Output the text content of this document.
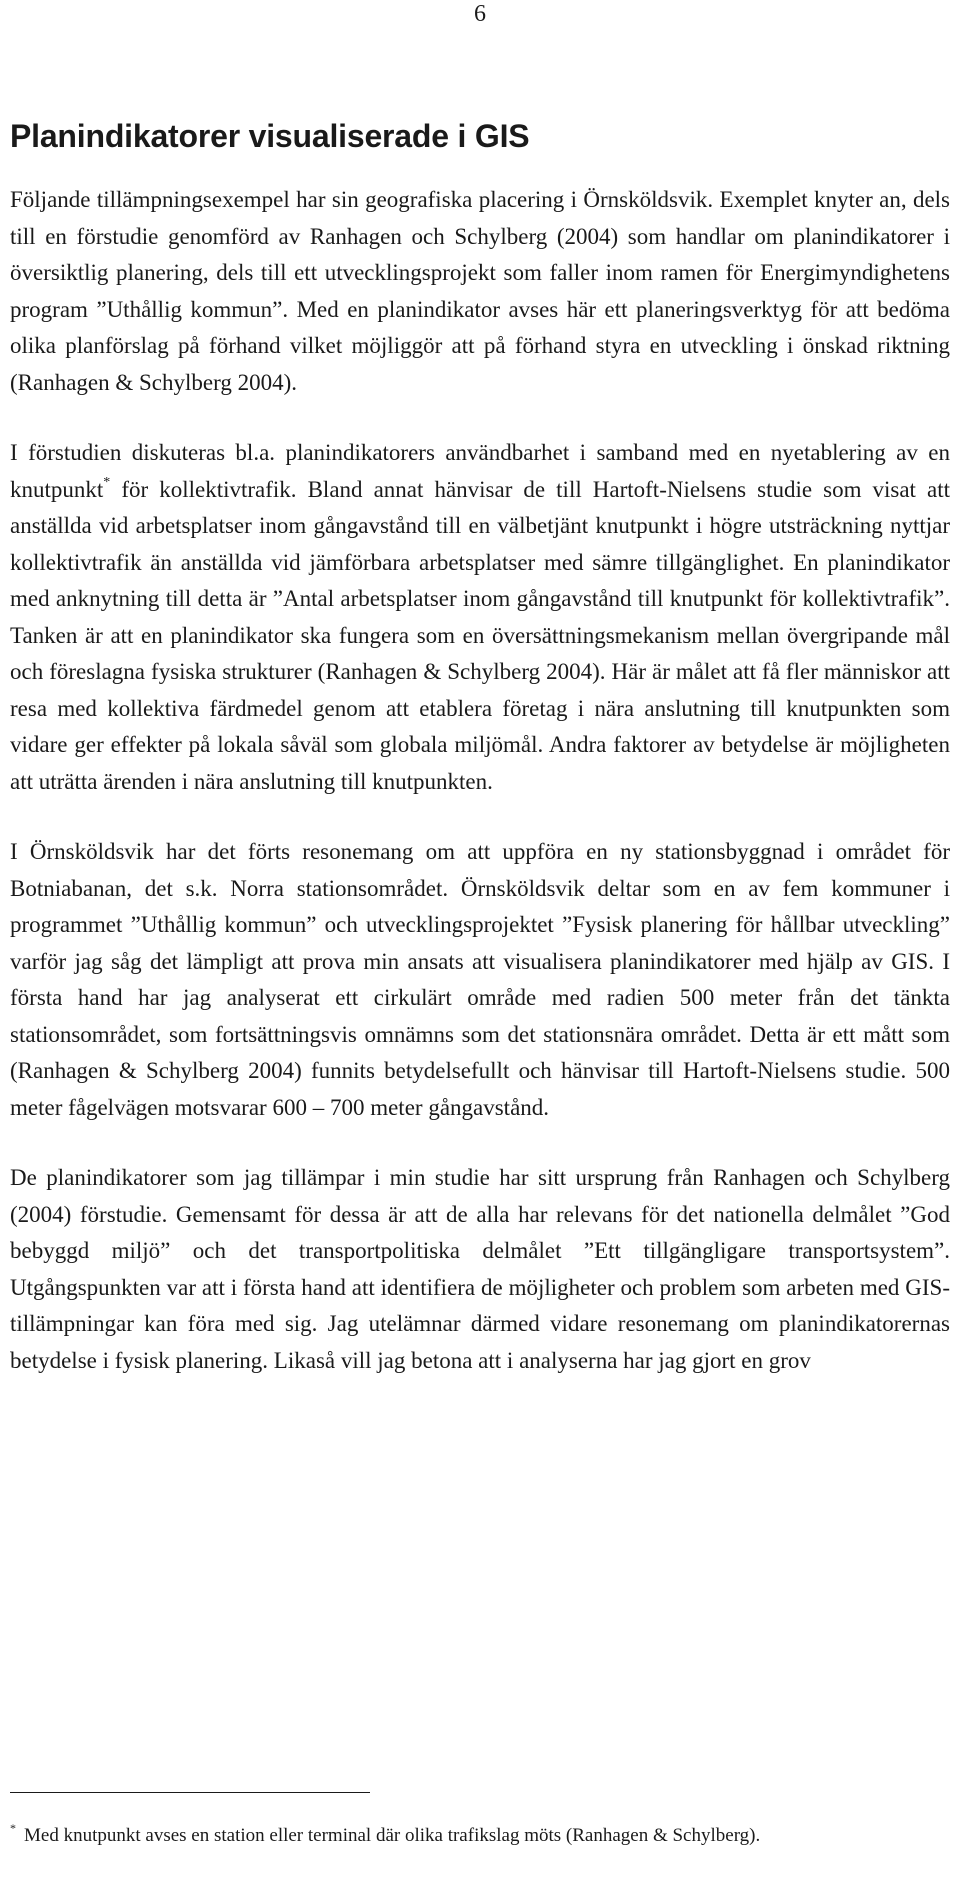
6
Planindikatorer visualiserade i GIS

Följande tillämpningsexempel har sin geografiska placering i Örnsköldsvik. Exemplet knyter an, dels till en förstudie genomförd av Ranhagen och Schylberg (2004) som handlar om planindikatorer i översiktlig planering, dels till ett utvecklingsprojekt som faller inom ramen för Energimyndighetens program ”Uthållig kommun”. Med en planindikator avses här ett planeringsverktyg för att bedöma olika planförslag på förhand vilket möjliggör att på förhand styra en utveckling i önskad riktning (Ranhagen & Schylberg 2004).

I förstudien diskuteras bl.a. planindikatorers användbarhet i samband med en nyetablering av en knutpunkt* för kollektivtrafik. Bland annat hänvisar de till Hartoft-Nielsens studie som visat att anställda vid arbetsplatser inom gångavstånd till en välbetjänt knutpunkt i högre utsträckning nyttjar kollektivtrafik än anställda vid jämförbara arbetsplatser med sämre tillgänglighet. En planindikator med anknytning till detta är ”Antal arbetsplatser inom gångavstånd till knutpunkt för kollektivtrafik”. Tanken är att en planindikator ska fungera som en översättningsmekanism mellan övergripande mål och föreslagna fysiska strukturer (Ranhagen & Schylberg 2004). Här är målet att få fler människor att resa med kollektiva färdmedel genom att etablera företag i nära anslutning till knutpunkten som vidare ger effekter på lokala såväl som globala miljömål. Andra faktorer av betydelse är möjligheten att uträtta ärenden i nära anslutning till knutpunkten.

I Örnsköldsvik har det förts resonemang om att uppföra en ny stationsbyggnad i området för Botniabanan, det s.k. Norra stationsområdet. Örnsköldsvik deltar som en av fem kommuner i programmet ”Uthållig kommun” och utvecklingsprojektet ”Fysisk planering för hållbar utveckling” varför jag såg det lämpligt att prova min ansats att visualisera planindikatorer med hjälp av GIS. I första hand har jag analyserat ett cirkulärt område med radien 500 meter från det tänkta stationsområdet, som fortsättningsvis omnämns som det stationsnära området. Detta är ett mått som (Ranhagen & Schylberg 2004) funnits betydelsefullt och hänvisar till Hartoft-Nielsens studie. 500 meter fågelvägen motsvarar 600 – 700 meter gångavstånd.

De planindikatorer som jag tillämpar i min studie har sitt ursprung från Ranhagen och Schylberg (2004) förstudie. Gemensamt för dessa är att de alla har relevans för det nationella delmålet ”God bebyggd miljö” och det transportpolitiska delmålet ”Ett tillgängligare transportsystem”. Utgångspunkten var att i första hand att identifiera de möjligheter och problem som arbeten med GIS-tillämpningar kan föra med sig. Jag utelämnar därmed vidare resonemang om planindikatorernas betydelse i fysisk planering. Likaså vill jag betona att i analyserna har jag gjort en grov

* Med knutpunkt avses en station eller terminal där olika trafikslag möts (Ranhagen & Schylberg).
